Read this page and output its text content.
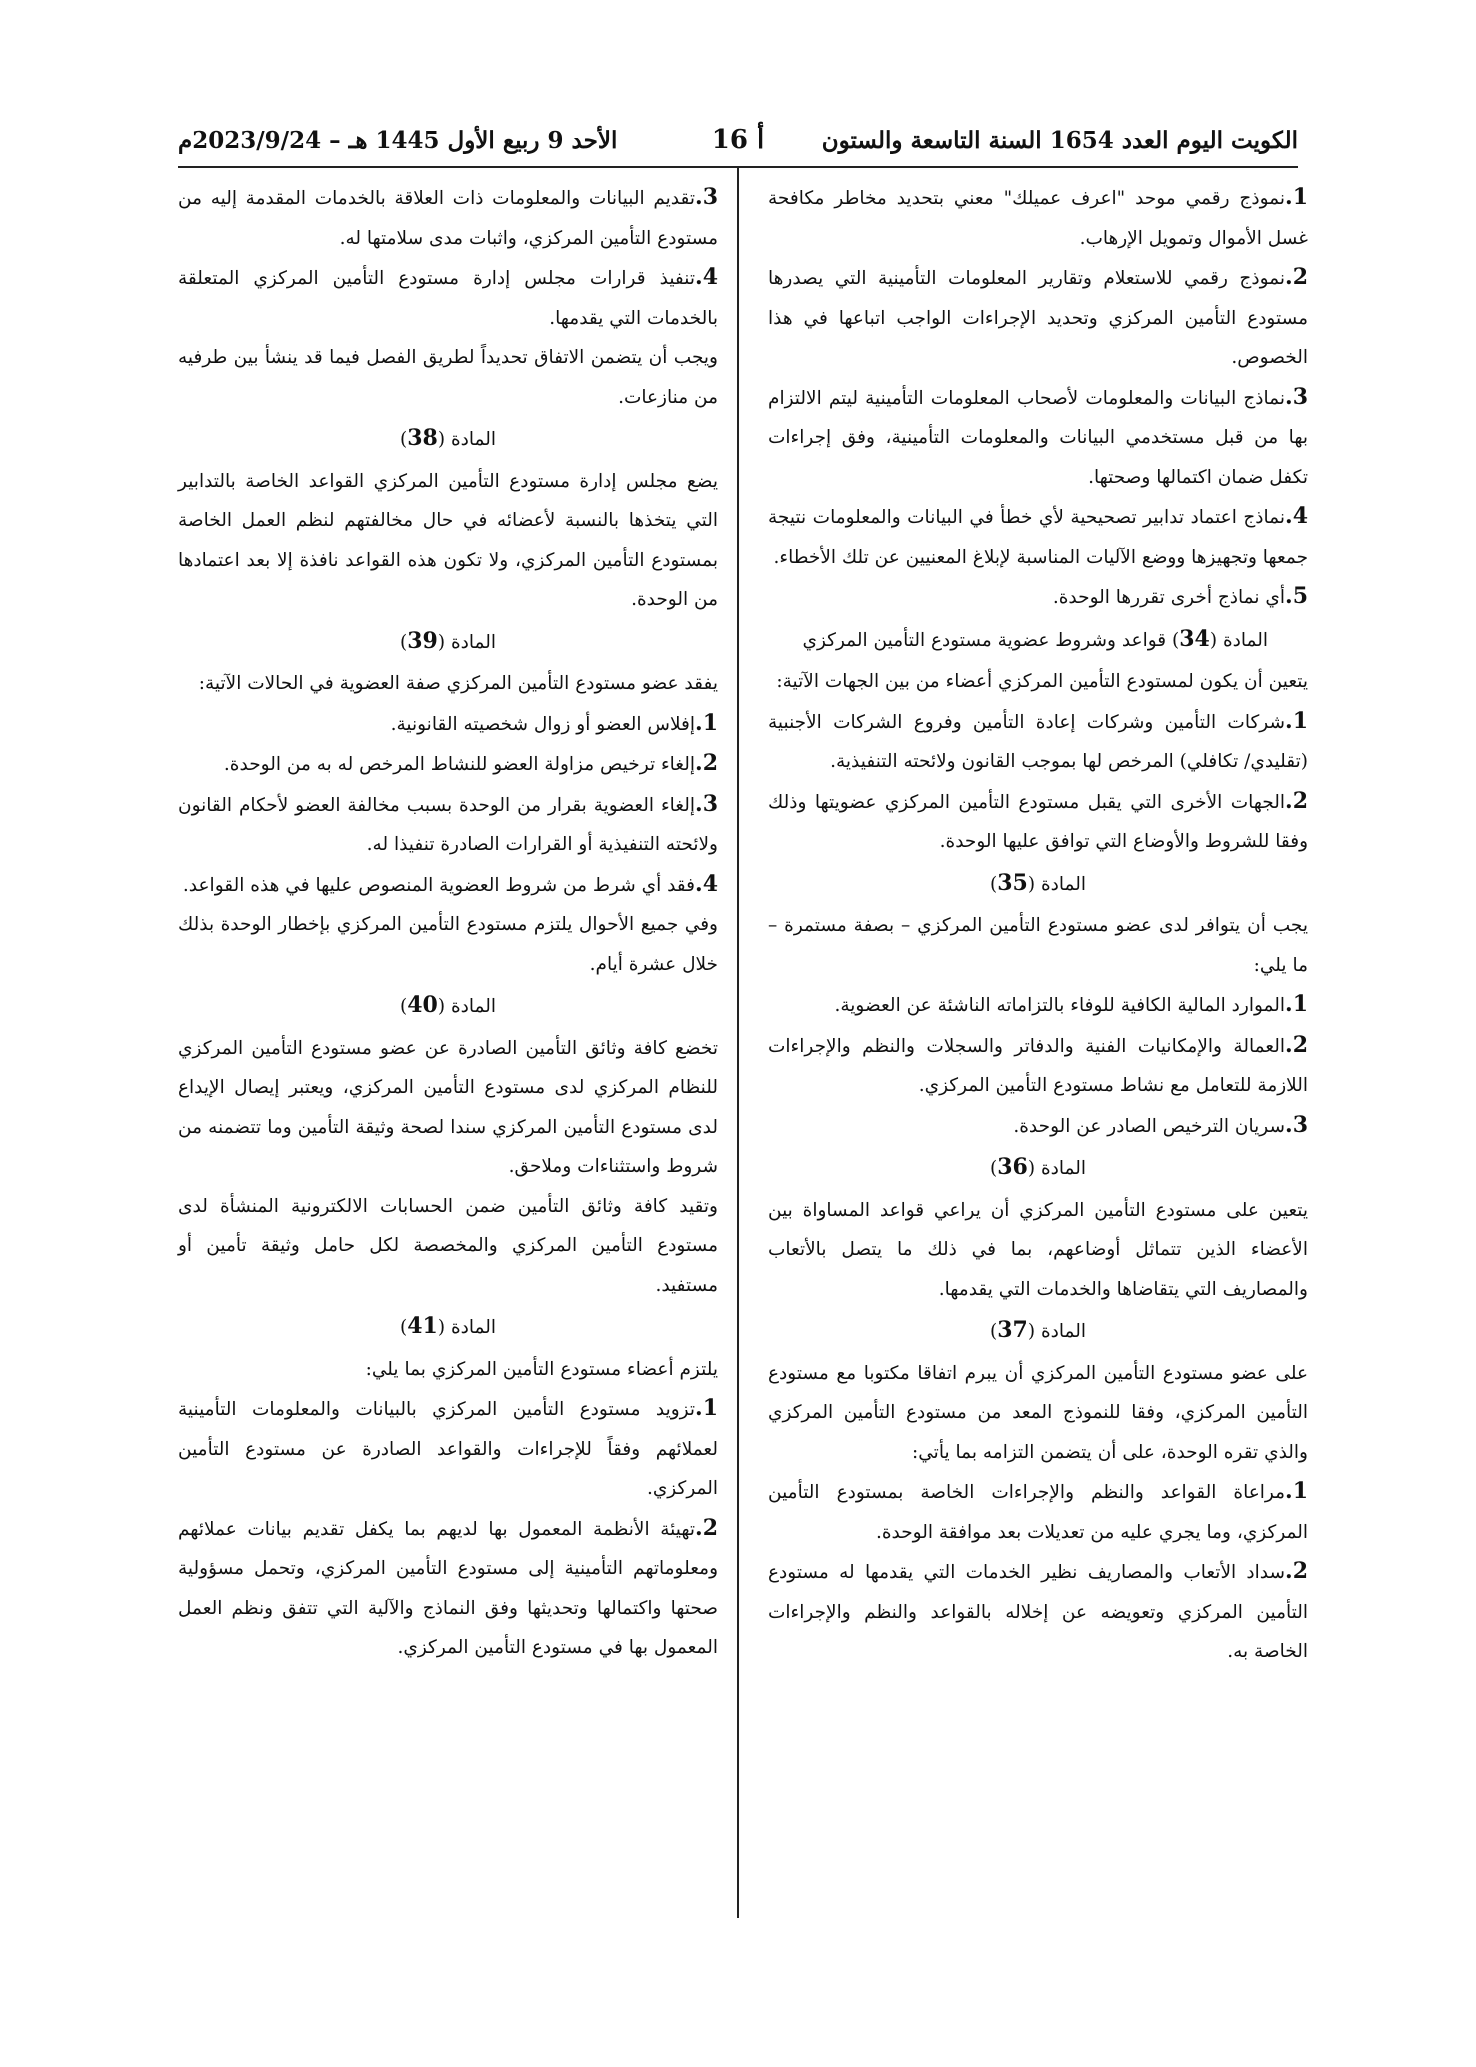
الكويت اليوم العدد 1654 السنة التاسعة والستون
أ 16
الأحد 9 ربيع الأول 1445 هـ – 2023/9/24م
1.نموذج رقمي موحد "اعرف عميلك" معني بتحديد مخاطر مكافحة غسل الأموال وتمويل الإرهاب.
2.نموذج رقمي للاستعلام وتقارير المعلومات التأمينية التي يصدرها مستودع التأمين المركزي وتحديد الإجراءات الواجب اتباعها في هذا الخصوص.
3.نماذج البيانات والمعلومات لأصحاب المعلومات التأمينية ليتم الالتزام بها من قبل مستخدمي البيانات والمعلومات التأمينية، وفق إجراءات تكفل ضمان اكتمالها وصحتها.
4.نماذج اعتماد تدابير تصحيحية لأي خطأ في البيانات والمعلومات نتيجة جمعها وتجهيزها ووضع الآليات المناسبة لإبلاغ المعنيين عن تلك الأخطاء.
5.أي نماذج أخرى تقررها الوحدة.
المادة (34) قواعد وشروط عضوية مستودع التأمين المركزي
يتعين أن يكون لمستودع التأمين المركزي أعضاء من بين الجهات الآتية:
1.شركات التأمين وشركات إعادة التأمين وفروع الشركات الأجنبية (تقليدي/ تكافلي) المرخص لها بموجب القانون ولائحته التنفيذية.
2.الجهات الأخرى التي يقبل مستودع التأمين المركزي عضويتها وذلك وفقا للشروط والأوضاع التي توافق عليها الوحدة.
المادة (35)
يجب أن يتوافر لدى عضو مستودع التأمين المركزي – بصفة مستمرة – ما يلي:
1.الموارد المالية الكافية للوفاء بالتزاماته الناشئة عن العضوية.
2.العمالة والإمكانيات الفنية والدفاتر والسجلات والنظم والإجراءات اللازمة للتعامل مع نشاط مستودع التأمين المركزي.
3.سريان الترخيص الصادر عن الوحدة.
المادة (36)
يتعين على مستودع التأمين المركزي أن يراعي قواعد المساواة بين الأعضاء الذين تتماثل أوضاعهم، بما في ذلك ما يتصل بالأتعاب والمصاريف التي يتقاضاها والخدمات التي يقدمها.
المادة (37)
على عضو مستودع التأمين المركزي أن يبرم اتفاقا مكتوبا مع مستودع التأمين المركزي، وفقا للنموذج المعد من مستودع التأمين المركزي والذي تقره الوحدة، على أن يتضمن التزامه بما يأتي:
1.مراعاة القواعد والنظم والإجراءات الخاصة بمستودع التأمين المركزي، وما يجري عليه من تعديلات بعد موافقة الوحدة.
2.سداد الأتعاب والمصاريف نظير الخدمات التي يقدمها له مستودع التأمين المركزي وتعويضه عن إخلاله بالقواعد والنظم والإجراءات الخاصة به.
3.تقديم البيانات والمعلومات ذات العلاقة بالخدمات المقدمة إليه من مستودع التأمين المركزي، واثبات مدى سلامتها له.
4.تنفيذ قرارات مجلس إدارة مستودع التأمين المركزي المتعلقة بالخدمات التي يقدمها.
ويجب أن يتضمن الاتفاق تحديداً لطريق الفصل فيما قد ينشأ بين طرفيه من منازعات.
المادة (38)
يضع مجلس إدارة مستودع التأمين المركزي القواعد الخاصة بالتدابير التي يتخذها بالنسبة لأعضائه في حال مخالفتهم لنظم العمل الخاصة بمستودع التأمين المركزي، ولا تكون هذه القواعد نافذة إلا بعد اعتمادها من الوحدة.
المادة (39)
يفقد عضو مستودع التأمين المركزي صفة العضوية في الحالات الآتية:
1.إفلاس العضو أو زوال شخصيته القانونية.
2.إلغاء ترخيص مزاولة العضو للنشاط المرخص له به من الوحدة.
3.إلغاء العضوية بقرار من الوحدة بسبب مخالفة العضو لأحكام القانون ولائحته التنفيذية أو القرارات الصادرة تنفيذا له.
4.فقد أي شرط من شروط العضوية المنصوص عليها في هذه القواعد.
وفي جميع الأحوال يلتزم مستودع التأمين المركزي بإخطار الوحدة بذلك خلال عشرة أيام.
المادة (40)
تخضع كافة وثائق التأمين الصادرة عن عضو مستودع التأمين المركزي للنظام المركزي لدى مستودع التأمين المركزي، ويعتبر إيصال الإيداع لدى مستودع التأمين المركزي سندا لصحة وثيقة التأمين وما تتضمنه من شروط واستثناءات وملاحق.
وتقيد كافة وثائق التأمين ضمن الحسابات الالكترونية المنشأة لدى مستودع التأمين المركزي والمخصصة لكل حامل وثيقة تأمين أو مستفيد.
المادة (41)
يلتزم أعضاء مستودع التأمين المركزي بما يلي:
1.تزويد مستودع التأمين المركزي بالبيانات والمعلومات التأمينية لعملائهم وفقاً للإجراءات والقواعد الصادرة عن مستودع التأمين المركزي.
2.تهيئة الأنظمة المعمول بها لديهم بما يكفل تقديم بيانات عملائهم ومعلوماتهم التأمينية إلى مستودع التأمين المركزي، وتحمل مسؤولية صحتها واكتمالها وتحديثها وفق النماذج والآلية التي تتفق ونظم العمل المعمول بها في مستودع التأمين المركزي.
